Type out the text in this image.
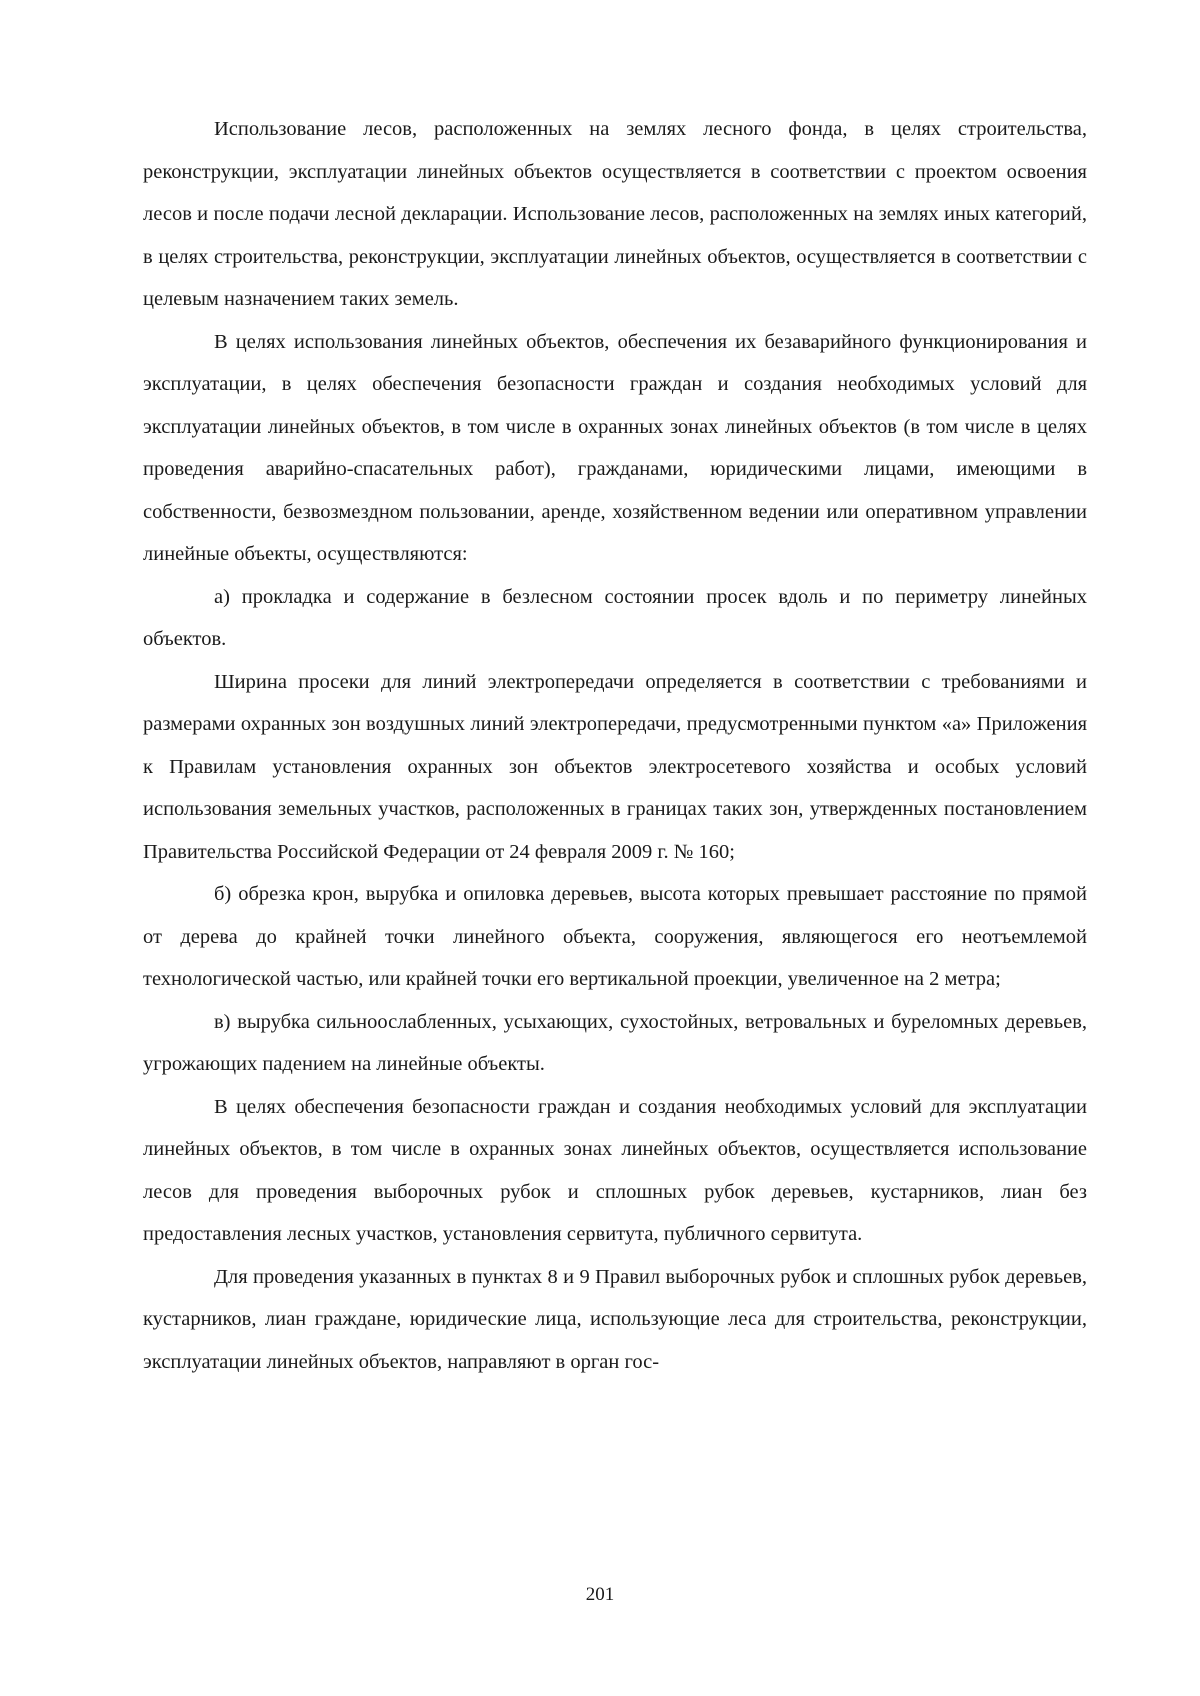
Использование лесов, расположенных на землях лесного фонда, в целях строительства, реконструкции, эксплуатации линейных объектов осуществляется в соответствии с проектом освоения лесов и после подачи лесной декларации. Использование лесов, расположенных на землях иных категорий, в целях строительства, реконструкции, эксплуатации линейных объектов, осуществляется в соответствии с целевым назначением таких земель.

В целях использования линейных объектов, обеспечения их безаварийного функционирования и эксплуатации, в целях обеспечения безопасности граждан и создания необходимых условий для эксплуатации линейных объектов, в том числе в охранных зонах линейных объектов (в том числе в целях проведения аварийно-спасательных работ), гражданами, юридическими лицами, имеющими в собственности, безвозмездном пользовании, аренде, хозяйственном ведении или оперативном управлении линейные объекты, осуществляются:

а) прокладка и содержание в безлесном состоянии просек вдоль и по периметру линейных объектов.

Ширина просеки для линий электропередачи определяется в соответствии с требованиями и размерами охранных зон воздушных линий электропередачи, предусмотренными пунктом «а» Приложения к Правилам установления охранных зон объектов электросетевого хозяйства и особых условий использования земельных участков, расположенных в границах таких зон, утвержденных постановлением Правительства Российской Федерации от 24 февраля 2009 г. № 160;

б) обрезка крон, вырубка и опиловка деревьев, высота которых превышает расстояние по прямой от дерева до крайней точки линейного объекта, сооружения, являющегося его неотъемлемой технологической частью, или крайней точки его вертикальной проекции, увеличенное на 2 метра;

в) вырубка сильноослабленных, усыхающих, сухостойных, ветровальных и буреломных деревьев, угрожающих падением на линейные объекты.

В целях обеспечения безопасности граждан и создания необходимых условий для эксплуатации линейных объектов, в том числе в охранных зонах линейных объектов, осуществляется использование лесов для проведения выборочных рубок и сплошных рубок деревьев, кустарников, лиан без предоставления лесных участков, установления сервитута, публичного сервитута.

Для проведения указанных в пунктах 8 и 9 Правил выборочных рубок и сплошных рубок деревьев, кустарников, лиан граждане, юридические лица, использующие леса для строительства, реконструкции, эксплуатации линейных объектов, направляют в орган гос-

201
